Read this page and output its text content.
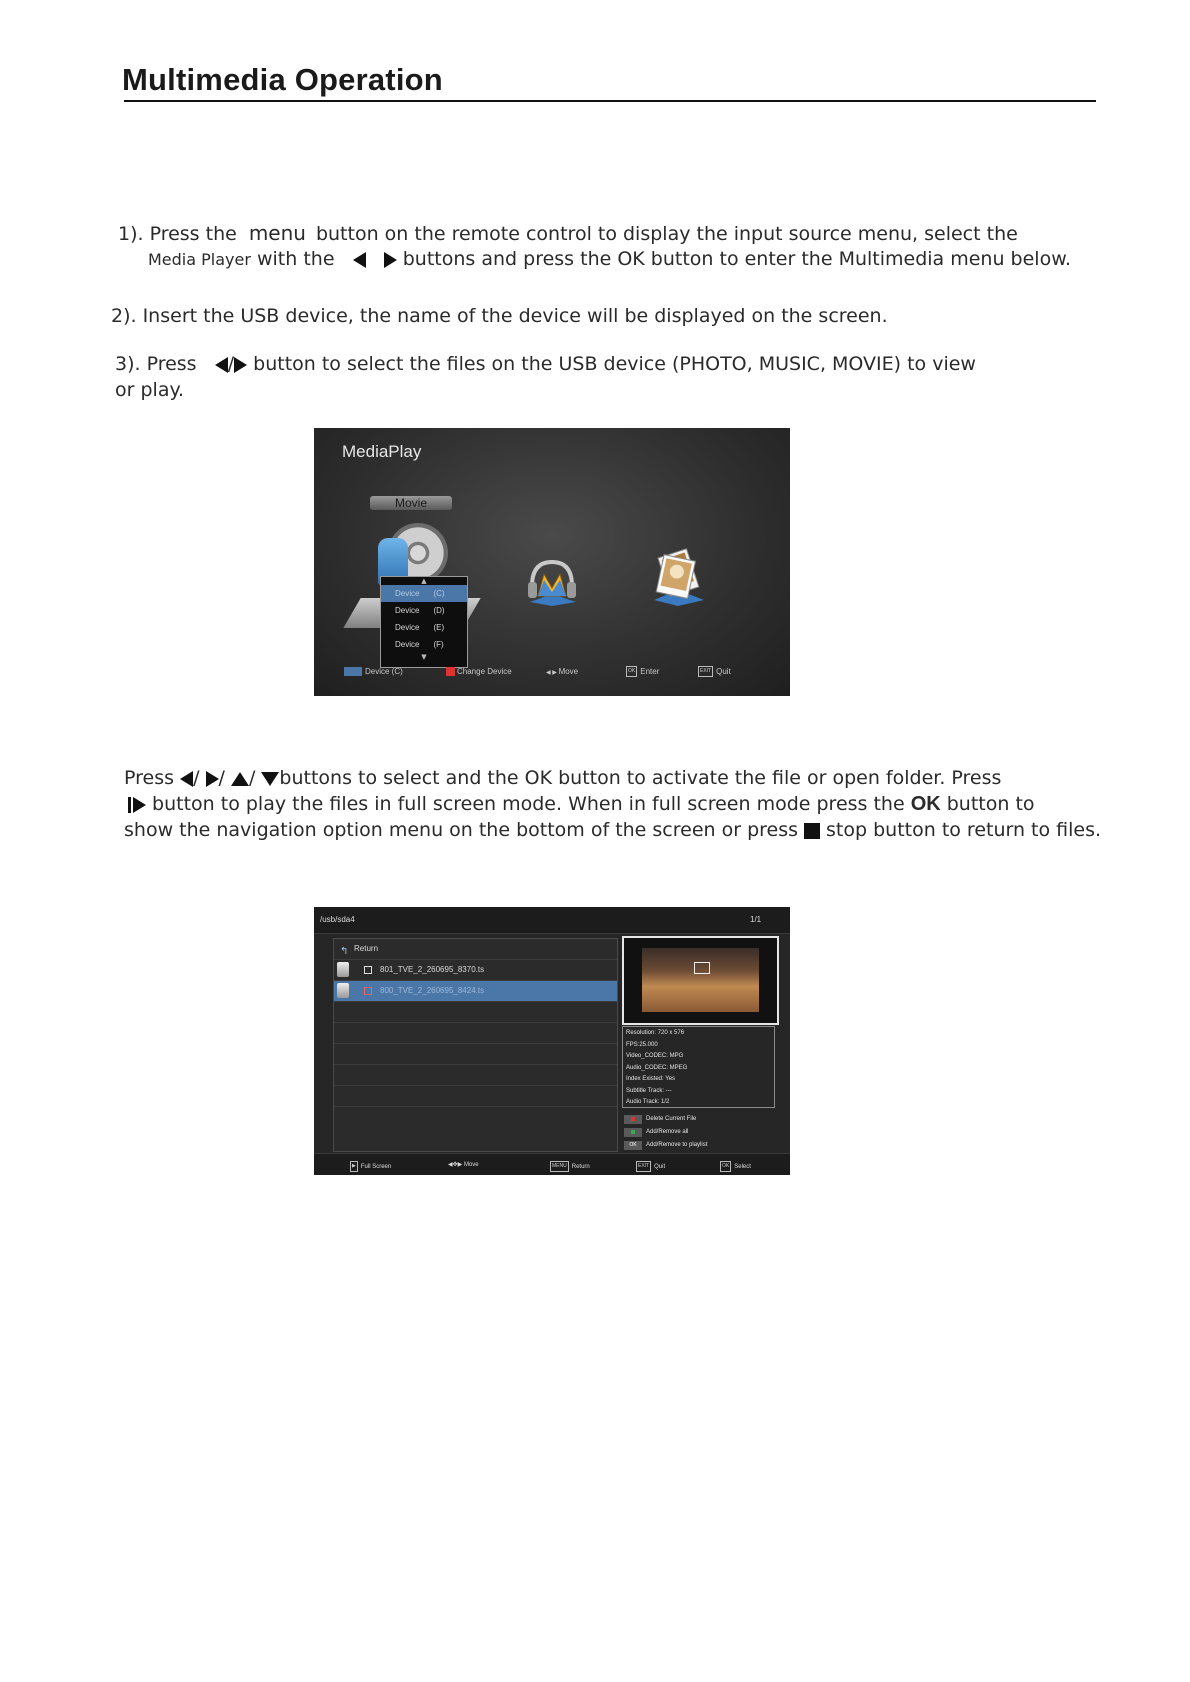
Multimedia Operation
1). Press the menu button on the remote control to display the input source menu, select the
Media Player with the	buttons and press the OK button to enter the Multimedia menu below.
2). Insert the USB device, the name of the device will be displayed on the screen.
3). Press / button to select the files on the USB device (PHOTO, MUSIC, MOVIE) to view
or play.
MediaPlay
Movie
▲
Device (C)
Device (D)
Device (E)
Device (F)
▼
Device (C)	Change Device	◀ ▶ Move	OK Enter	EXIT Quit
Press / / / buttons to select and the OK button to activate the file or open folder. Press
button to play the files in full screen mode. When in full screen mode press the OK button to
show the navigation option menu on the bottom of the screen or press stop button to return to files.
/usb/sda4	1/1
↰ Return
801_TVE_2_260695_8370.ts
800_TVE_2_260695_8424.ts
Resolution: 720 x 576
FPS:25.000
Video_CODEC: MPG
Audio_CODEC: MPEG
Index Existed: Yes
Subtitle Track: ---
Audio Track: 1/2
Delete Current File
Add/Remove all
OK	Add/Remove to playlist
▶ Full Screen	◀✥▶ Move	MENU Return	EXIT Quit	OK Select
